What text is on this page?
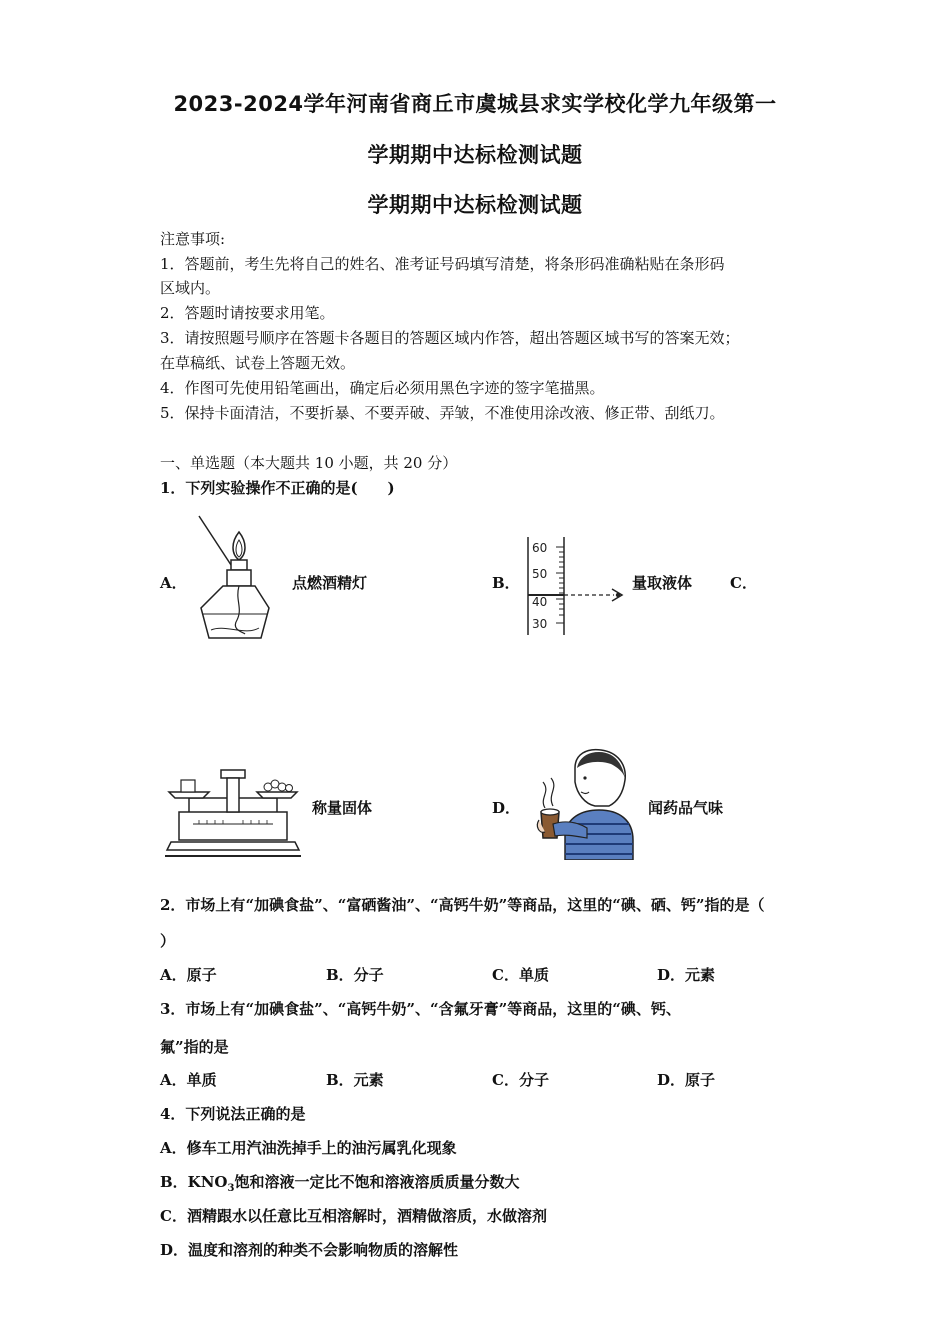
2023-2024学年河南省商丘市虞城县求实学校化学九年级第一
学期期中达标检测试题
学期期中达标检测试题
注意事项:
1．答题前，考生先将自己的姓名、准考证号码填写清楚，将条形码准确粘贴在条形码
区域内。
2．答题时请按要求用笔。
3．请按照题号顺序在答题卡各题目的答题区域内作答，超出答题区域书写的答案无效；
在草稿纸、试卷上答题无效。
4．作图可先使用铅笔画出，确定后必须用黑色字迹的签字笔描黑。
5．保持卡面清洁，不要折暴、不要弄破、弄皱，不准使用涂改液、修正带、刮纸刀。
一、单选题（本大题共 10 小题，共 20 分）
1．下列实验操作不正确的是(　　)
A．	点燃酒精灯	B．
60
50
40
30
量取液体	C．
称量固体	D．	闻药品气味
2．市场上有“加碘食盐”、“富硒酱油”、“高钙牛奶”等商品，这里的“碘、硒、钙”指的是（
）
A．原子	B．分子	C．单质	D．元素
3．市场上有“加碘食盐”、“高钙牛奶”、“含氟牙膏”等商品，这里的“碘、钙、
氟”指的是
A．单质	B．元素	C．分子	D．原子
4．下列说法正确的是
A．修车工用汽油洗掉手上的油污属乳化现象
B．$KNO_3$饱和溶液一定比不饱和溶液溶质质量分数大
C．酒精跟水以任意比互相溶解时，酒精做溶质，水做溶剂
D．温度和溶剂的种类不会影响物质的溶解性
